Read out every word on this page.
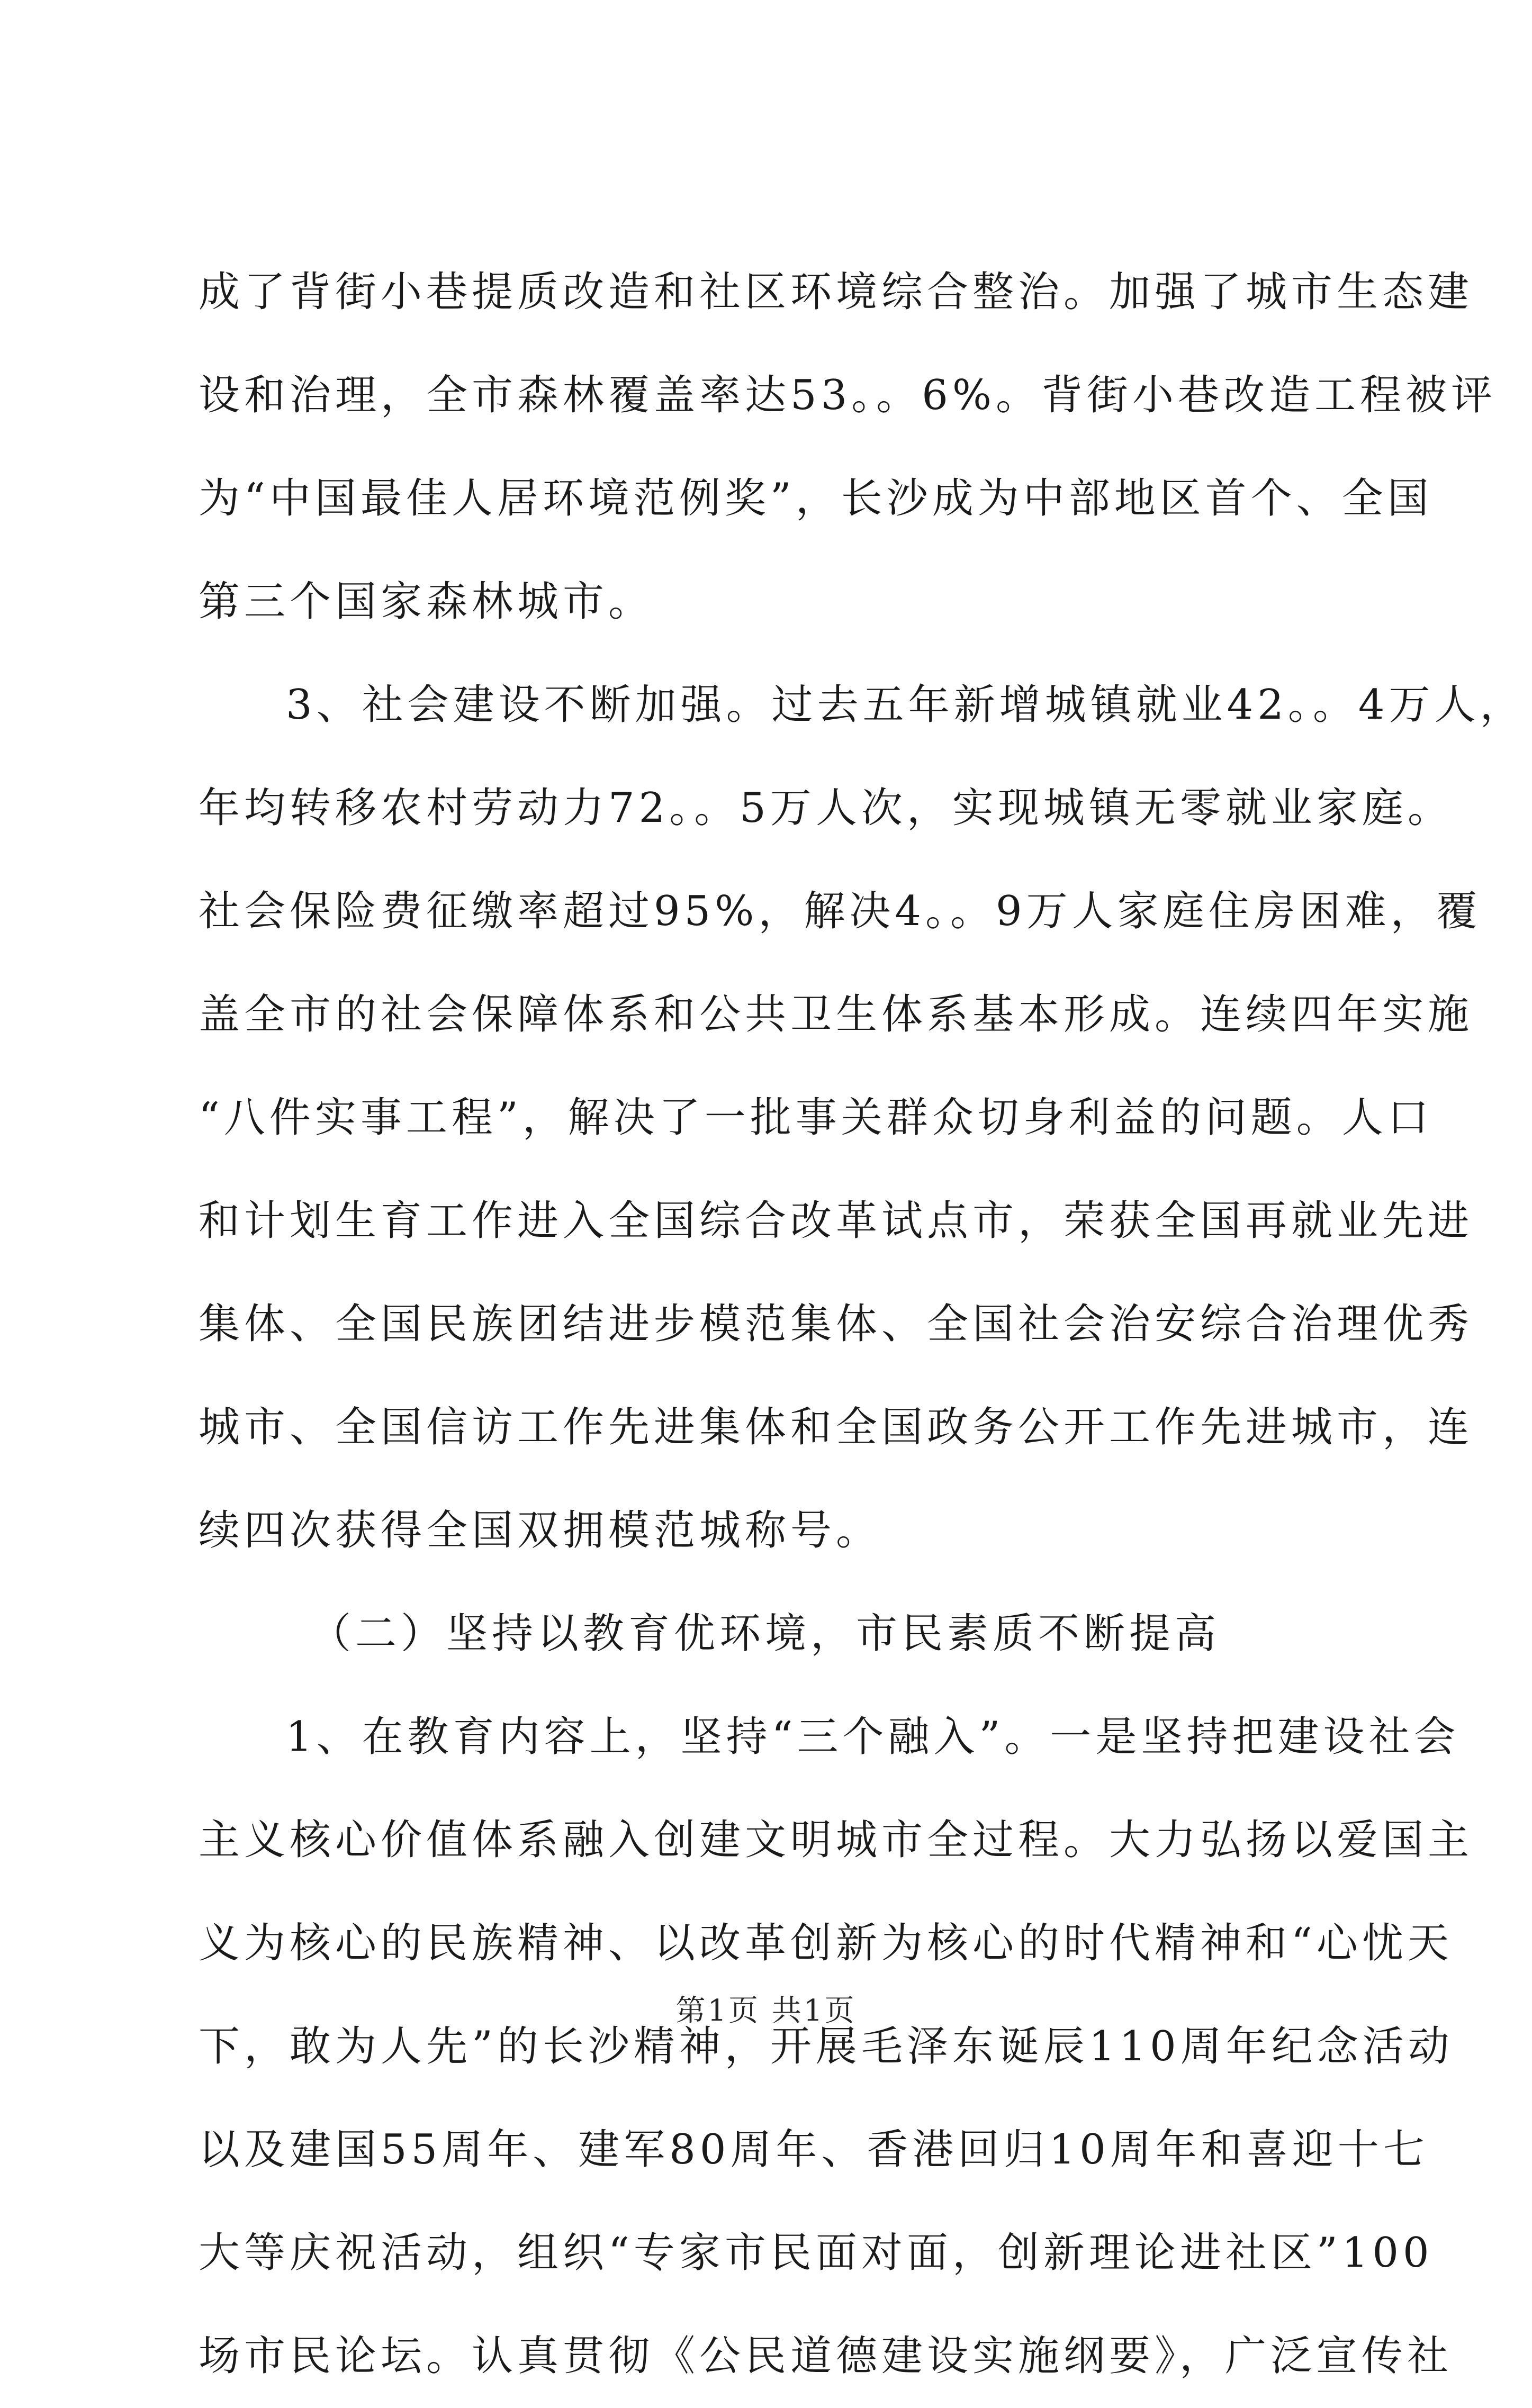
成了背街小巷提质改造和社区环境综合整治。加强了城市生态建
设和治理，全市森林覆盖率达53。。6%。背街小巷改造工程被评
为“中国最佳人居环境范例奖”，长沙成为中部地区首个、全国
第三个国家森林城市。
3、社会建设不断加强。过去五年新增城镇就业42。。4万人，
年均转移农村劳动力72。。5万人次，实现城镇无零就业家庭。
社会保险费征缴率超过95%，解决4。。9万人家庭住房困难，覆
盖全市的社会保障体系和公共卫生体系基本形成。连续四年实施
“八件实事工程”，解决了一批事关群众切身利益的问题。人口
和计划生育工作进入全国综合改革试点市，荣获全国再就业先进
集体、全国民族团结进步模范集体、全国社会治安综合治理优秀
城市、全国信访工作先进集体和全国政务公开工作先进城市，连
续四次获得全国双拥模范城称号。
（二）坚持以教育优环境，市民素质不断提高
1、在教育内容上，坚持“三个融入”。一是坚持把建设社会
主义核心价值体系融入创建文明城市全过程。大力弘扬以爱国主
义为核心的民族精神、以改革创新为核心的时代精神和“心忧天
下，敢为人先”的长沙精神，开展毛泽东诞辰110周年纪念活动
以及建国55周年、建军80周年、香港回归10周年和喜迎十七
大等庆祝活动，组织“专家市民面对面，创新理论进社区”100
场市民论坛。认真贯彻《公民道德建设实施纲要》，广泛宣传社
第1页 共1页
